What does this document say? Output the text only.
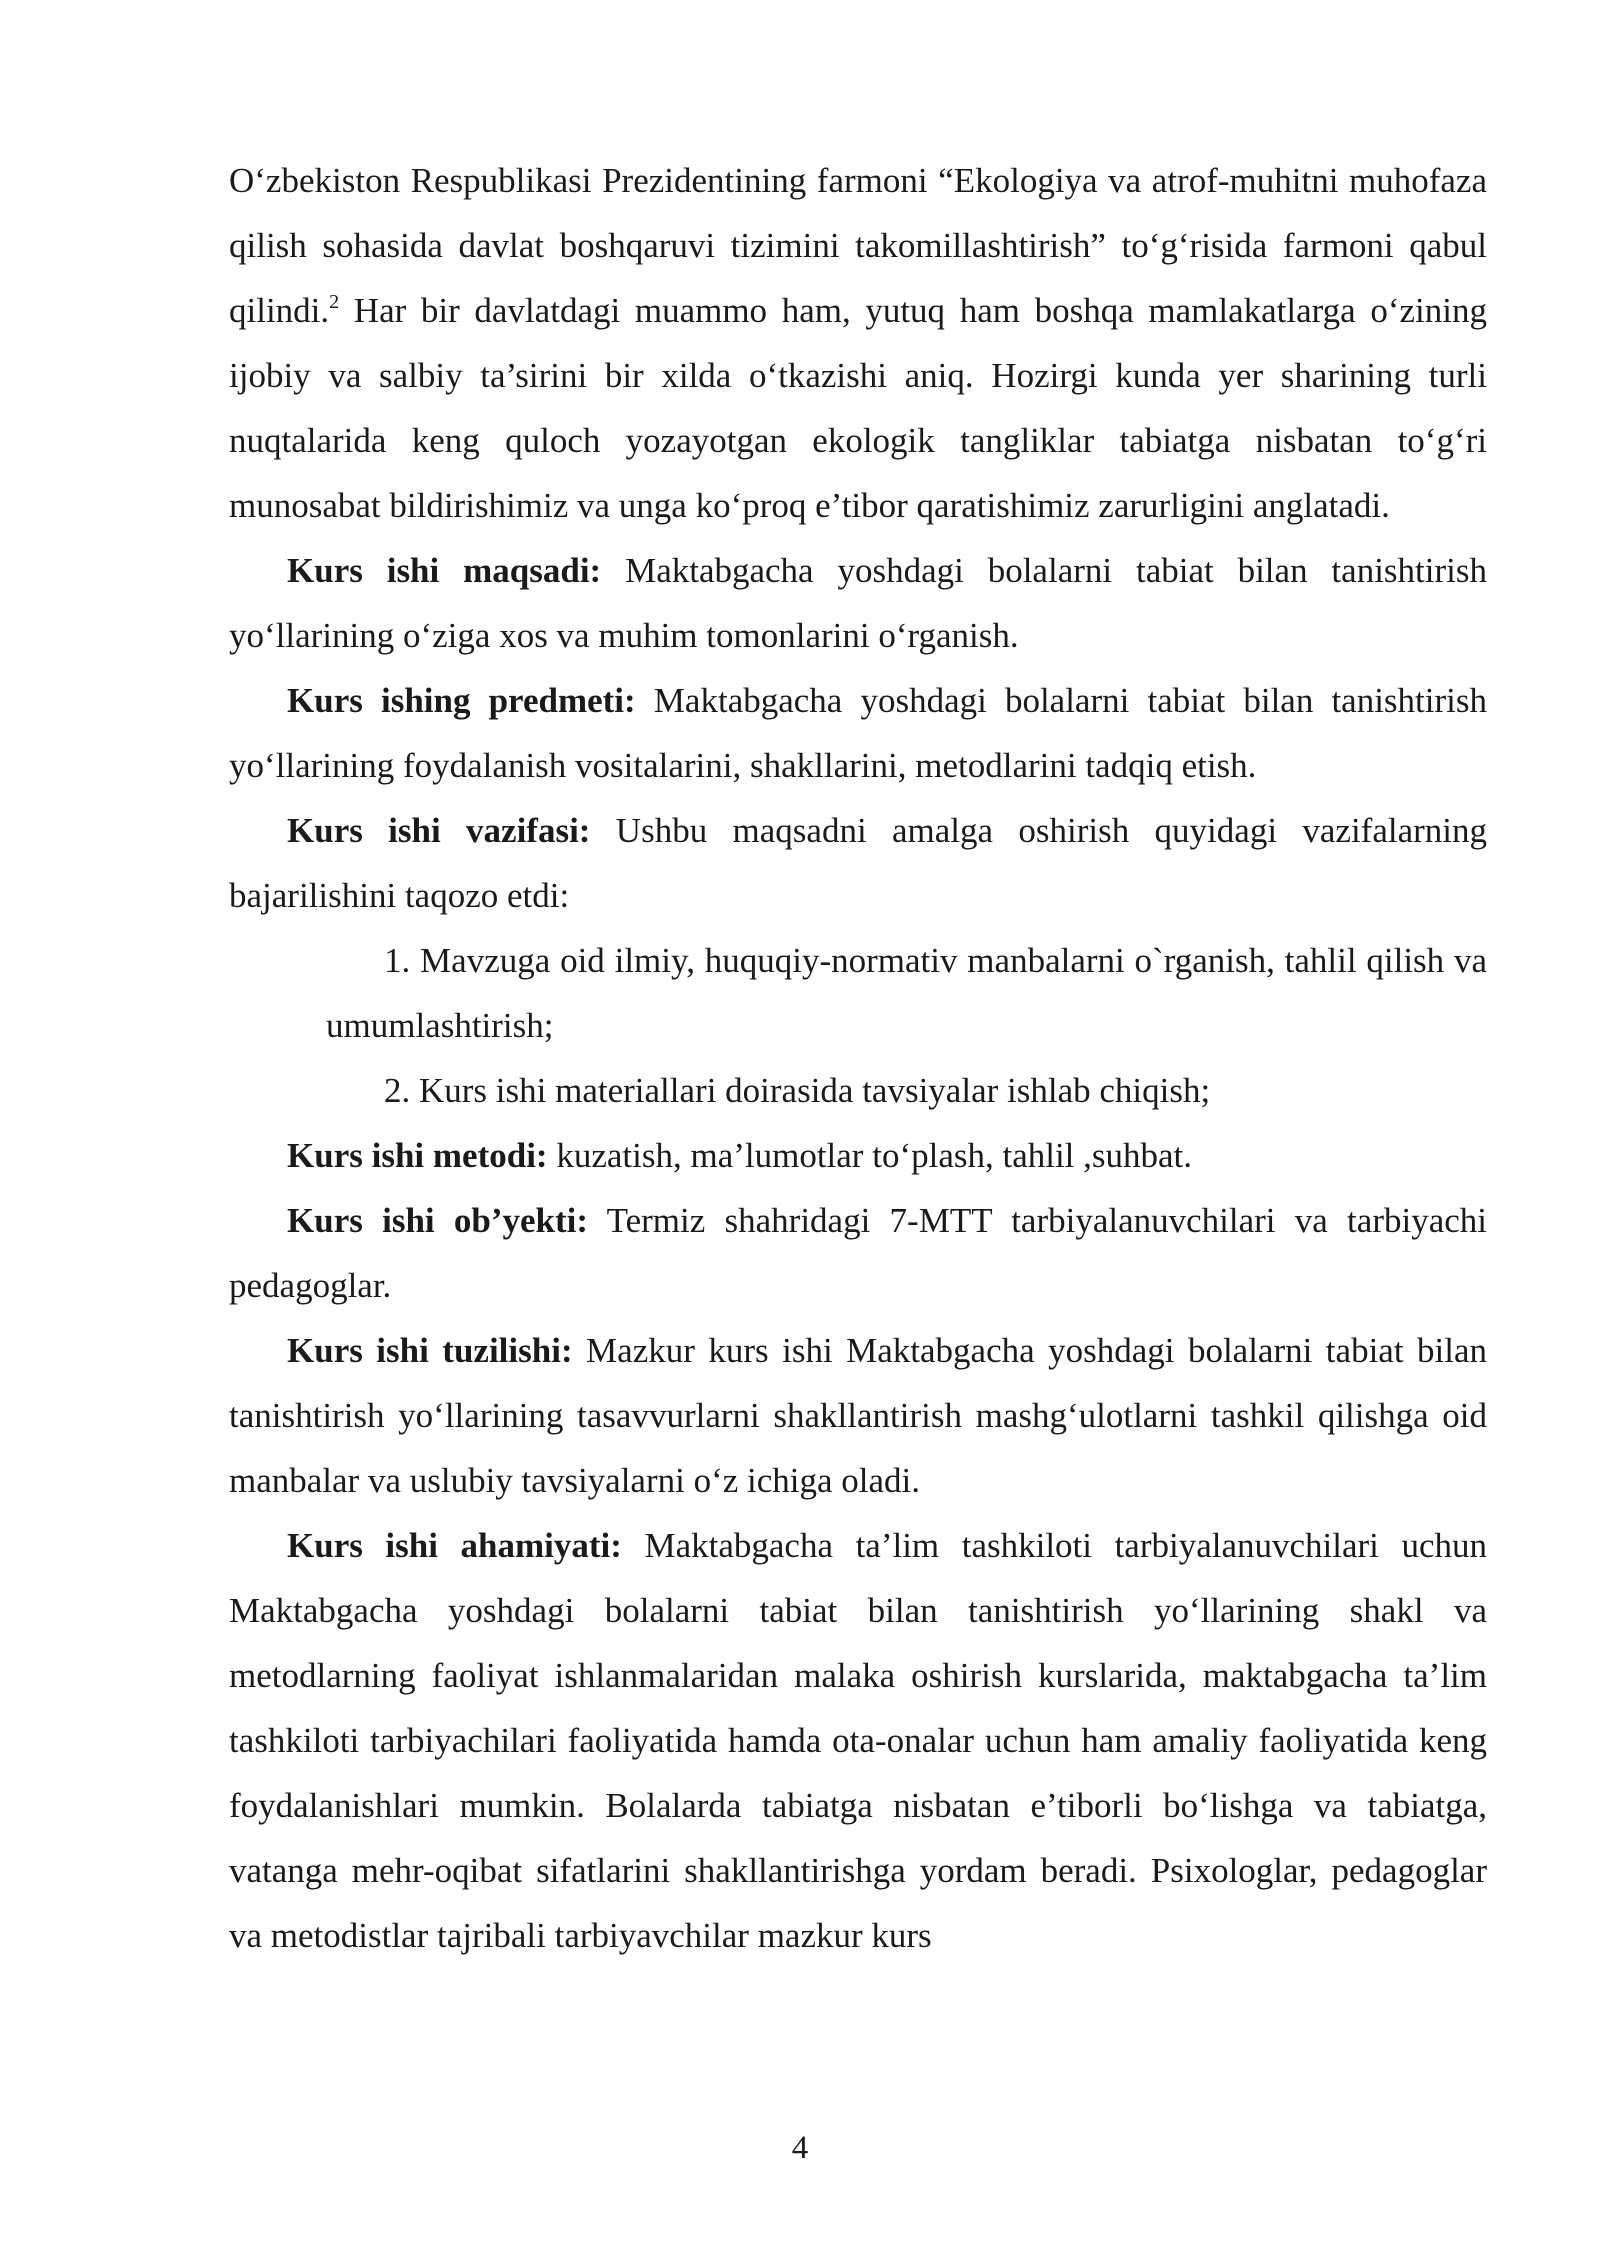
O‘zbekiston Respublikasi Prezidentining farmoni “Ekologiya va atrof-muhitni muhofaza qilish sohasida davlat boshqaruvi tizimini takomillashtirish” to‘g‘risida farmoni qabul qilindi.$^2$ Har bir davlatdagi muammo ham, yutuq ham boshqa mamlakatlarga o‘zining ijobiy va salbiy ta’sirini bir xilda o‘tkazishi aniq. Hozirgi kunda yer sharining turli nuqtalarida keng quloch yozayotgan ekologik tangliklar tabiatga nisbatan to‘g‘ri munosabat bildirishimiz va unga ko‘proq e’tibor qaratishimiz zarurligini anglatadi.

Kurs ishi maqsadi: Maktabgacha yoshdagi bolalarni tabiat bilan tanishtirish yo‘llarining o‘ziga xos va muhim tomonlarini o‘rganish.

Kurs ishing predmeti: Maktabgacha yoshdagi bolalarni tabiat bilan tanishtirish yo‘llarining foydalanish vositalarini, shakllarini, metodlarini tadqiq etish.

Kurs ishi vazifasi: Ushbu maqsadni amalga oshirish quyidagi vazifalarning bajarilishini taqozo etdi:

1. Mavzuga oid ilmiy, huquqiy-normativ manbalarni o`rganish, tahlil qilish va umumlashtirish;

2. Kurs ishi materiallari doirasida tavsiyalar ishlab chiqish;

Kurs ishi metodi: kuzatish, ma’lumotlar to‘plash, tahlil ,suhbat.

Kurs ishi ob’yekti: Termiz shahridagi 7-MTT tarbiyalanuvchilari va tarbiyachi pedagoglar.

Kurs ishi tuzilishi: Mazkur kurs ishi Maktabgacha yoshdagi bolalarni tabiat bilan tanishtirish yo‘llarining tasavvurlarni shakllantirish mashg‘ulotlarni tashkil qilishga oid manbalar va uslubiy tavsiyalarni o‘z ichiga oladi.

Kurs ishi ahamiyati: Maktabgacha ta’lim tashkiloti tarbiyalanuvchilari uchun Maktabgacha yoshdagi bolalarni tabiat bilan tanishtirish yo‘llarining shakl va metodlarning faoliyat ishlanmalaridan malaka oshirish kurslarida, maktabgacha ta’lim tashkiloti tarbiyachilari faoliyatida hamda ota-onalar uchun ham amaliy faoliyatida keng foydalanishlari mumkin. Bolalarda tabiatga nisbatan e’tiborli bo‘lishga va tabiatga, vatanga mehr-oqibat sifatlarini shakllantirishga yordam beradi. Psixologlar, pedagoglar va metodistlar tajribali tarbiyavchilar mazkur kurs

4
